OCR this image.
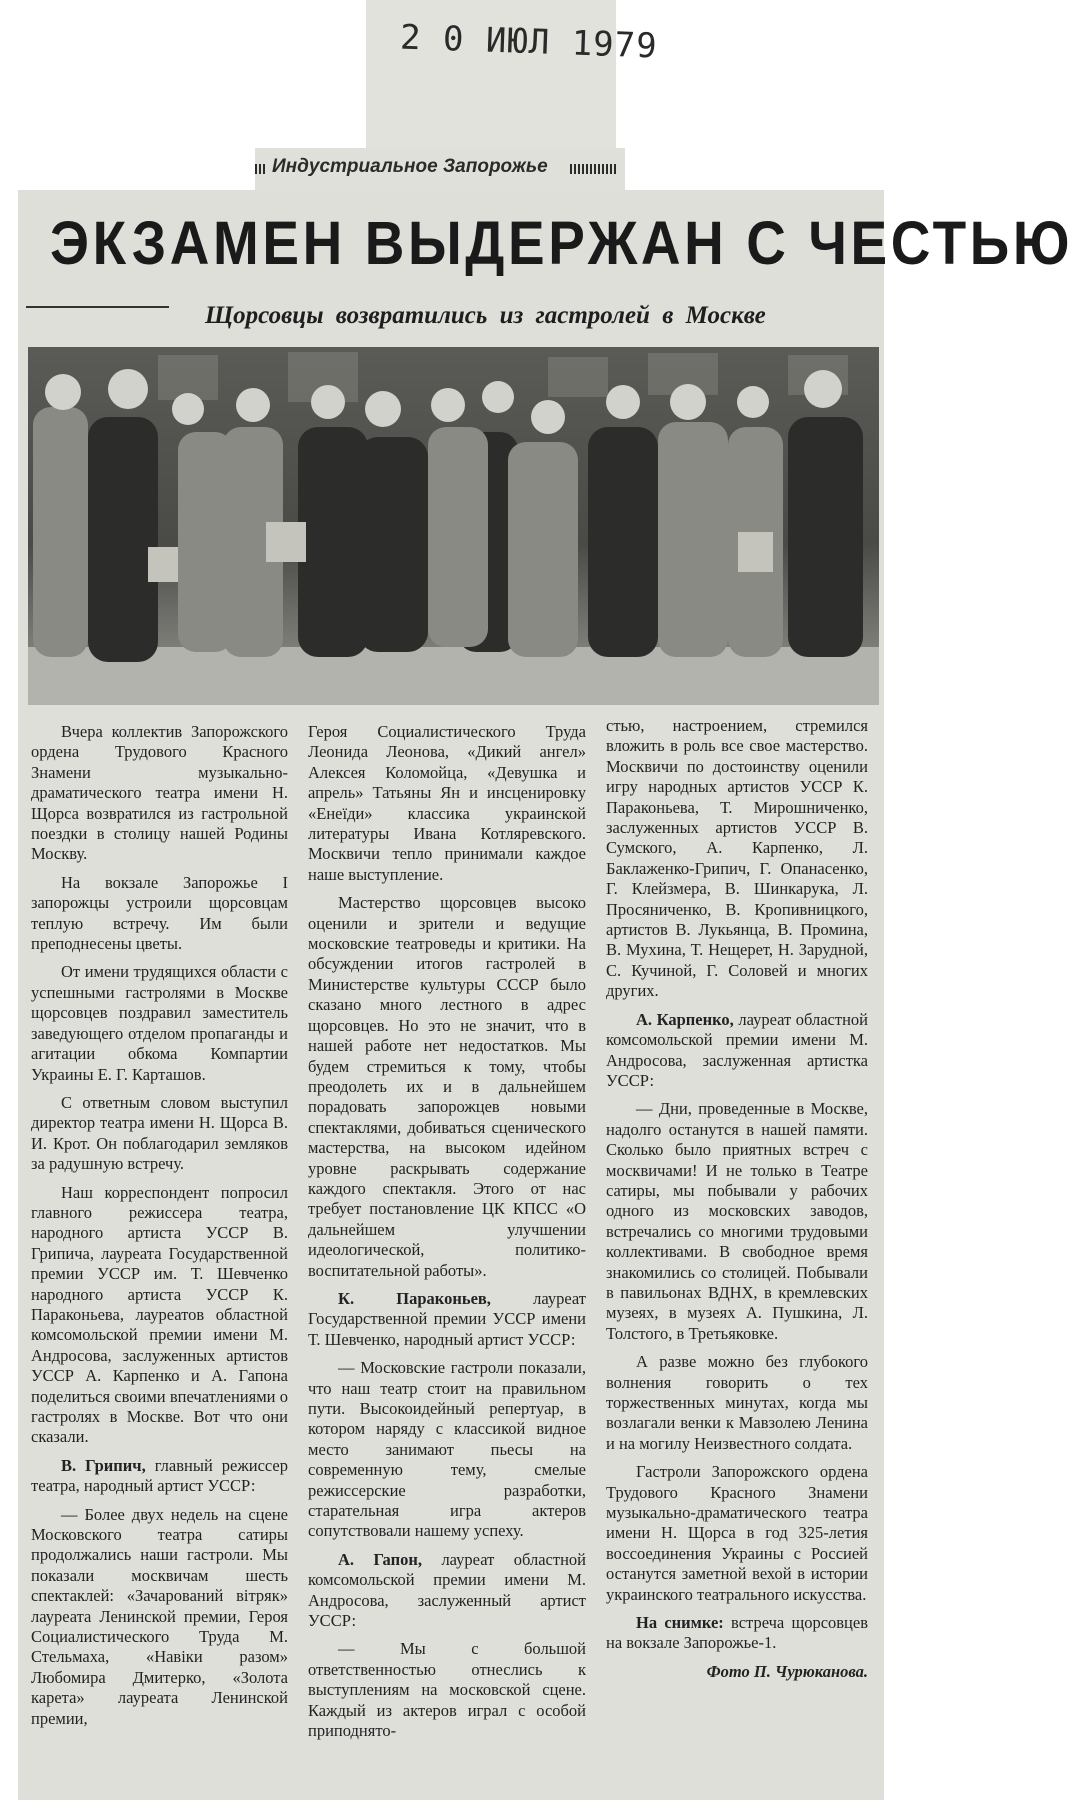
2 0 ИЮЛ 1979
Индустриальное Запорожье
ЭКЗАМЕН ВЫДЕРЖАН С ЧЕСТЬЮ
Щорсовцы возвратились из гастролей в Москве

Вчера коллектив Запорожского ордена Трудового Красного Знамени музыкально-драматического театра имени Н. Щорса возвратился из гастрольной поездки в столицу нашей Родины Москву.

На вокзале Запорожье I запорожцы устроили щорсовцам теплую встречу. Им были преподнесены цветы.

От имени трудящихся области с успешными гастролями в Москве щорсовцев поздравил заместитель заведующего отделом пропаганды и агитации обкома Компартии Украины Е. Г. Карташов.

С ответным словом выступил директор театра имени Н. Щорса В. И. Крот. Он поблагодарил земляков за радушную встречу.

Наш корреспондент попросил главного режиссера театра, народного артиста УССР В. Грипича, лауреата Государственной премии УССР им. Т. Шевченко народного артиста УССР К. Параконьева, лауреатов областной комсомольской премии имени М. Андросова, заслуженных артистов УССР А. Карпенко и А. Гапона поделиться своими впечатлениями о гастролях в Москве. Вот что они сказали.

В. Грипич, главный режиссер театра, народный артист УССР:

— Более двух недель на сцене Московского театра сатиры продолжались наши гастроли. Мы показали москвичам шесть спектаклей: «Зачарований вітряк» лауреата Ленинской премии, Героя Социалистического Труда М. Стельмаха, «Навіки разом» Любомира Дмитерко, «Золота карета» лауреата Ленинской премии,

Героя Социалистического Труда Леонида Леонова, «Дикий ангел» Алексея Коломойца, «Девушка и апрель» Татьяны Ян и инсценировку «Енеїди» классика украинской литературы Ивана Котляревского. Москвичи тепло принимали каждое наше выступление.

Мастерство щорсовцев высоко оценили и зрители и ведущие московские театроведы и критики. На обсуждении итогов гастролей в Министерстве культуры СССР было сказано много лестного в адрес щорсовцев. Но это не значит, что в нашей работе нет недостатков. Мы будем стремиться к тому, чтобы преодолеть их и в дальнейшем порадовать запорожцев новыми спектаклями, добиваться сценического мастерства, на высоком идейном уровне раскрывать содержание каждого спектакля. Этого от нас требует постановление ЦК КПСС «О дальнейшем улучшении идеологической, политико-воспитательной работы».

К. Параконьев, лауреат Государственной премии УССР имени Т. Шевченко, народный артист УССР:

— Московские гастроли показали, что наш театр стоит на правильном пути. Высокоидейный репертуар, в котором наряду с классикой видное место занимают пьесы на современную тему, смелые режиссерские разработки, старательная игра актеров сопутствовали нашему успеху.

А. Гапон, лауреат областной комсомольской премии имени М. Андросова, заслуженный артист УССР:

— Мы с большой ответственностью отнеслись к выступлениям на московской сцене. Каждый из актеров играл с особой приподнято-

стью, настроением, стремился вложить в роль все свое мастерство. Москвичи по достоинству оценили игру народных артистов УССР К. Параконьева, Т. Мирошниченко, заслуженных артистов УССР В. Сумского, А. Карпенко, Л. Баклаженко-Грипич, Г. Опанасенко, Г. Клейзмера, В. Шинкарука, Л. Просяниченко, В. Кропивницкого, артистов В. Лукьянца, В. Промина, В. Мухина, Т. Нещерет, Н. Зарудной, С. Кучиной, Г. Соловей и многих других.

А. Карпенко, лауреат областной комсомольской премии имени М. Андросова, заслуженная артистка УССР:

— Дни, проведенные в Москве, надолго останутся в нашей памяти. Сколько было приятных встреч с москвичами! И не только в Театре сатиры, мы побывали у рабочих одного из московских заводов, встречались со многими трудовыми коллективами. В свободное время знакомились со столицей. Побывали в павильонах ВДНХ, в кремлевских музеях, в музеях А. Пушкина, Л. Толстого, в Третьяковке.

А разве можно без глубокого волнения говорить о тех торжественных минутах, когда мы возлагали венки к Мавзолею Ленина и на могилу Неизвестного солдата.

Гастроли Запорожского ордена Трудового Красного Знамени музыкально-драматического театра имени Н. Щорса в год 325-летия воссоединения Украины с Россией останутся заметной вехой в истории украинского театрального искусства.

На снимке: встреча щорсовцев на вокзале Запорожье-1.

Фото П. Чурюканова.
